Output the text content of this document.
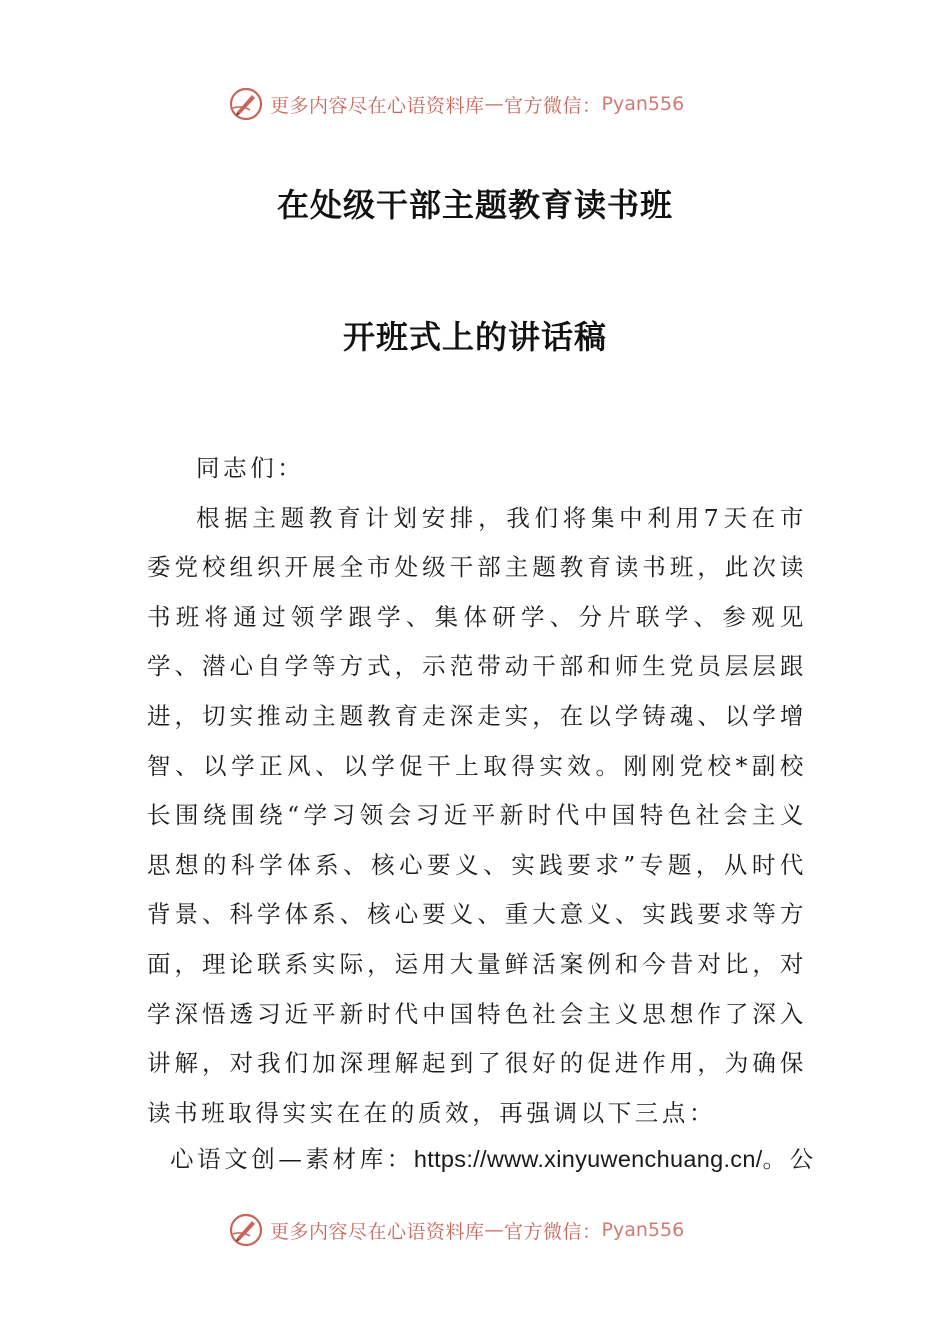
更多内容尽在心语资料库 — 官方微信： Pyan556
在处级干部主题教育读书班
开班式上的讲话稿

同志们：

根据主题教育计划安排，我们将集中利用7天在市委党校组织开展全市处级干部主题教育读书班，此次读书班将通过领学跟学、集体研学、分片联学、参观见学、潜心自学等方式，示范带动干部和师生党员层层跟进，切实推动主题教育走深走实，在以学铸魂、以学增智、以学正风、以学促干上取得实效。刚刚党校*副校长围绕围绕“学习领会习近平新时代中国特色社会主义思想的科学体系、核心要义、实践要求”专题，从时代背景、科学体系、核心要义、重大意义、实践要求等方面，理论联系实际，运用大量鲜活案例和今昔对比，对学深悟透习近平新时代中国特色社会主义思想作了深入讲解，对我们加深理解起到了很好的促进作用，为确保读书班取得实实在在的质效，再强调以下三点：

心语文创—素材库：https://www.xinyuwenchuang.cn/。公
更多内容尽在心语资料库 — 官方微信： Pyan556
